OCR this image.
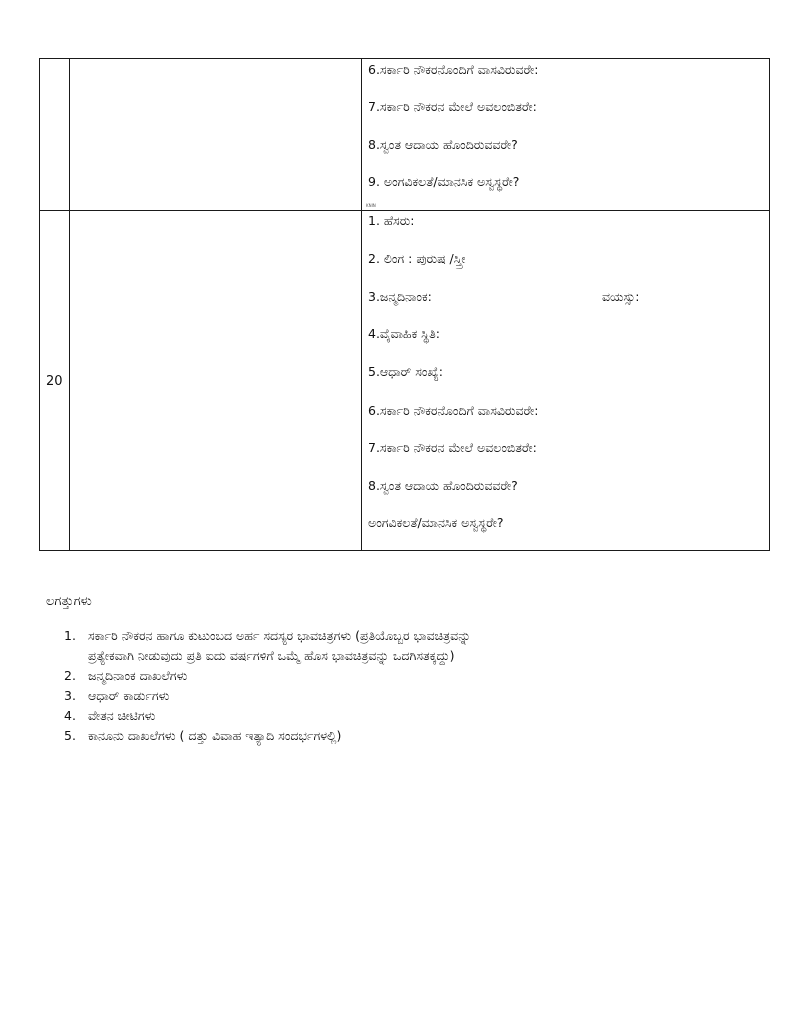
6.ಸರ್ಕಾರಿ ನೌಕರನೊಂದಿಗೆ ವಾಸವಿರುವರೇ:
7.ಸರ್ಕಾರಿ ನೌಕರನ ಮೇಲೆ ಅವಲಂಬಿತರೇ:
8.ಸ್ವಂತ ಆದಾಯ ಹೊಂದಿರುವವರೇ?
9. ಅಂಗವಿಕಲತೆ/ಮಾನಸಿಕ ಅಸ್ವಸ್ಥರೇ?
KNIN
20
1. ಹೆಸರು:
2. ಲಿಂಗ : ಪುರುಷ /ಸ್ತ್ರೀ
3.ಜನ್ಮದಿನಾಂಕ:	ವಯಸ್ಸು:
4.ವೈವಾಹಿಕ ಸ್ಥಿತಿ:
5.ಆಧಾರ್ ಸಂಖ್ಯೆ:
6.ಸರ್ಕಾರಿ ನೌಕರನೊಂದಿಗೆ ವಾಸವಿರುವರೇ:
7.ಸರ್ಕಾರಿ ನೌಕರನ ಮೇಲೆ ಅವಲಂಬಿತರೇ:
8.ಸ್ವಂತ ಆದಾಯ ಹೊಂದಿರುವವರೇ?
ಅಂಗವಿಕಲತೆ/ಮಾನಸಿಕ ಅಸ್ವಸ್ಥರೇ?
ಲಗತ್ತುಗಳು
1. ಸರ್ಕಾರಿ ನೌಕರನ ಹಾಗೂ ಕುಟುಂಬದ ಅರ್ಹ ಸದಸ್ಯರ ಭಾವಚಿತ್ರಗಳು (ಪ್ರತಿಯೊಬ್ಬರ ಭಾವಚಿತ್ರವನ್ನು
ಪ್ರತ್ಯೇಕವಾಗಿ ನೀಡುವುದು ಪ್ರತಿ ಐದು ವರ್ಷಗಳಿಗೆ ಒಮ್ಮೆ ಹೊಸ ಭಾವಚಿತ್ರವನ್ನು ಒದಗಿಸತಕ್ಕದ್ದು)
2. ಜನ್ಮದಿನಾಂಕ ದಾಖಲೆಗಳು
3. ಆಧಾರ್ ಕಾರ್ಡುಗಳು
4. ವೇತನ ಚೀಟಿಗಳು
5. ಕಾನೂನು ದಾಖಲೆಗಳು ( ದತ್ತು ವಿವಾಹ ಇತ್ಯಾದಿ ಸಂದರ್ಭಗಳಲ್ಲಿ)
